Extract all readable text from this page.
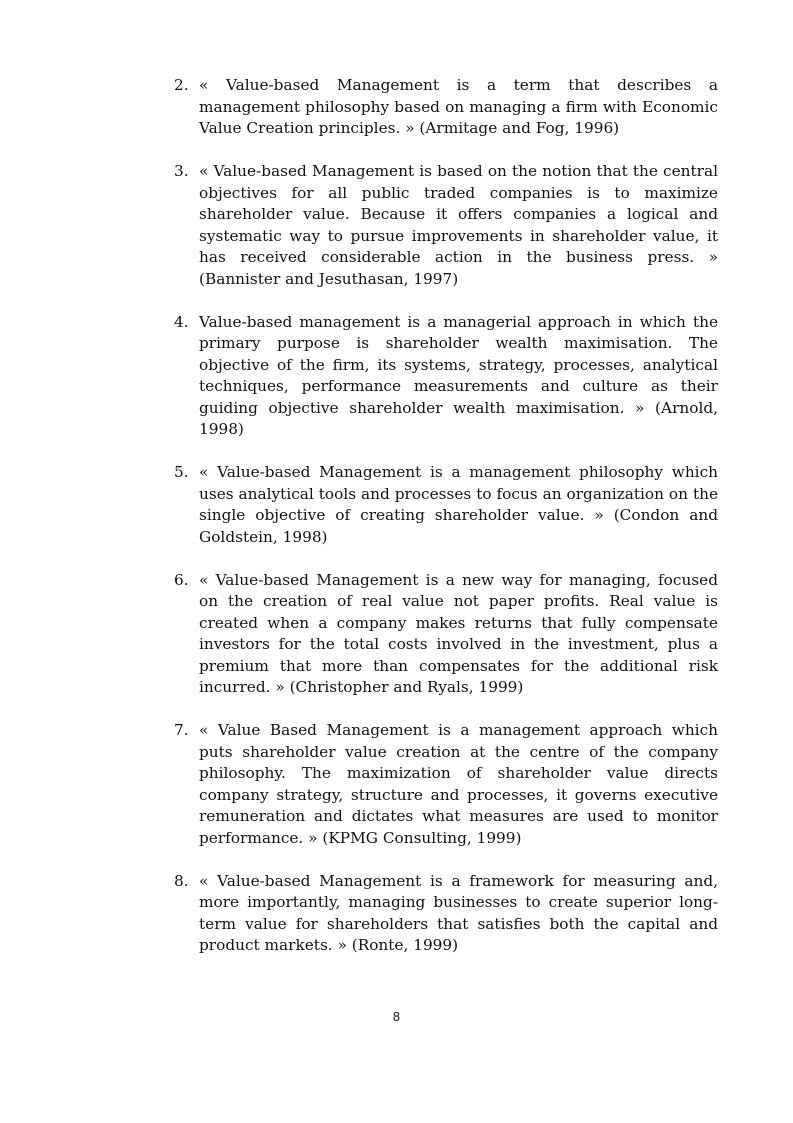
2. « Value-based Management is a term that describes a management philosophy based on managing a firm with Economic Value Creation principles. » (Armitage and Fog, 1996)
3. « Value-based Management is based on the notion that the central objectives for all public traded companies is to maximize shareholder value. Because it offers companies a logical and systematic way to pursue improvements in shareholder value, it has received considerable action in the business press. » (Bannister and Jesuthasan, 1997)
4. Value-based management is a managerial approach in which the primary purpose is shareholder wealth maximisation. The objective of the firm, its systems, strategy, processes, analytical techniques, performance measurements and culture as their guiding objective shareholder wealth maximisation. » (Arnold, 1998)
5. « Value-based Management is a management philosophy which uses analytical tools and processes to focus an organization on the single objective of creating shareholder value. » (Condon and Goldstein, 1998)
6. « Value-based Management is a new way for managing, focused on the creation of real value not paper profits. Real value is created when a company makes returns that fully compensate investors for the total costs involved in the investment, plus a premium that more than compensates for the additional risk incurred. » (Christopher and Ryals, 1999)
7. « Value Based Management is a management approach which puts shareholder value creation at the centre of the company philosophy. The maximization of shareholder value directs company strategy, structure and processes, it governs executive remuneration and dictates what measures are used to monitor performance. » (KPMG Consulting, 1999)
8. « Value-based Management is a framework for measuring and, more importantly, managing businesses to create superior long-term value for shareholders that satisfies both the capital and product markets. » (Ronte, 1999)
8
